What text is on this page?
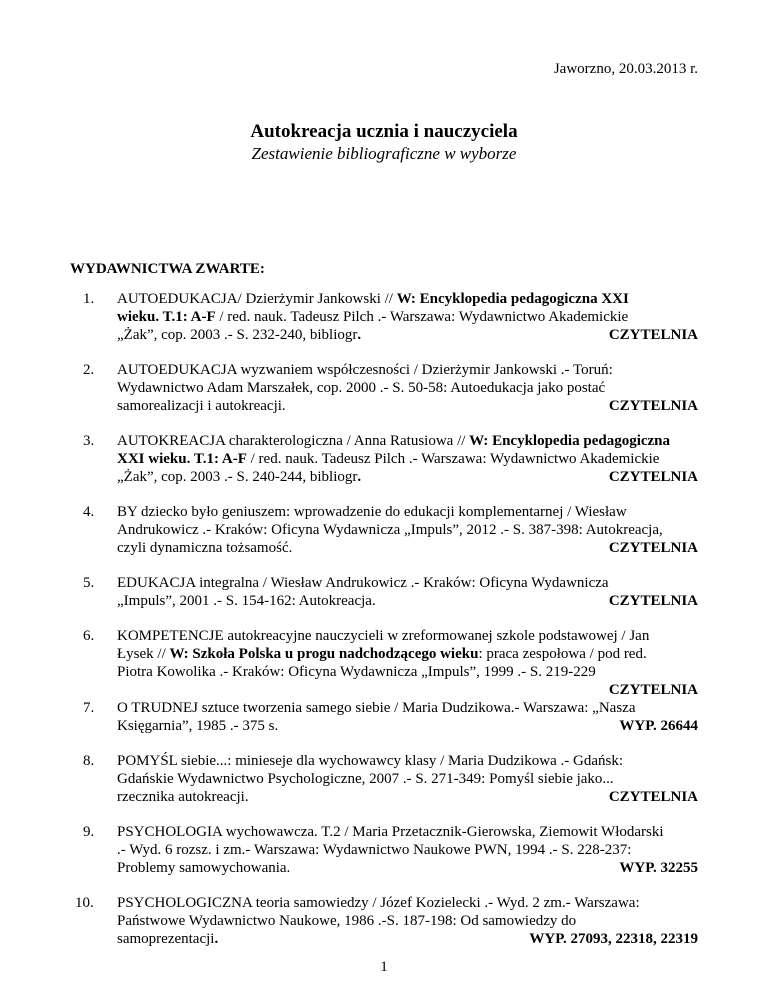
Jaworzno, 20.03.2013 r.
Autokreacja ucznia i nauczyciela
Zestawienie bibliograficzne w wyborze
WYDAWNICTWA ZWARTE:
1.	AUTOEDUKACJA/ Dzierżymir Jankowski // W: Encyklopedia pedagogiczna XXI
wieku. T.1: A-F / red. nauk. Tadeusz Pilch .- Warszawa: Wydawnictwo Akademickie
„Żak”, cop. 2003 .- S. 232-240, bibliogr.	CZYTELNIA
2.	AUTOEDUKACJA wyzwaniem współczesności / Dzierżymir Jankowski .- Toruń:
Wydawnictwo Adam Marszałek, cop. 2000 .- S. 50-58: Autoedukacja jako postać
samorealizacji i autokreacji.	CZYTELNIA
3.	AUTOKREACJA charakterologiczna / Anna Ratusiowa // W: Encyklopedia pedagogiczna
XXI wieku. T.1: A-F / red. nauk. Tadeusz Pilch .- Warszawa: Wydawnictwo Akademickie
„Żak”, cop. 2003 .- S. 240-244, bibliogr.	CZYTELNIA
4.	BY dziecko było geniuszem: wprowadzenie do edukacji komplementarnej / Wiesław
Andrukowicz .- Kraków: Oficyna Wydawnicza „Impuls”, 2012 .- S. 387-398: Autokreacja,
czyli dynamiczna tożsamość.	CZYTELNIA
5.	EDUKACJA integralna / Wiesław Andrukowicz .- Kraków: Oficyna Wydawnicza
„Impuls”, 2001 .- S. 154-162: Autokreacja.	CZYTELNIA
6.	KOMPETENCJE autokreacyjne nauczycieli w zreformowanej szkole podstawowej / Jan
Łysek // W: Szkoła Polska u progu nadchodzącego wieku: praca zespołowa / pod red.
Piotra Kowolika .- Kraków: Oficyna Wydawnicza „Impuls”, 1999 .- S. 219-229
CZYTELNIA
7.	O TRUDNEJ sztuce tworzenia samego siebie / Maria Dudzikowa.- Warszawa: „Nasza
Księgarnia”, 1985 .- 375 s.	WYP. 26644
8.	POMYŚL siebie...: minieseje dla wychowawcy klasy / Maria Dudzikowa .- Gdańsk:
Gdańskie Wydawnictwo Psychologiczne, 2007 .- S. 271-349: Pomyśl siebie jako...
rzecznika autokreacji.	CZYTELNIA
9.	PSYCHOLOGIA wychowawcza. T.2 / Maria Przetacznik-Gierowska, Ziemowit Włodarski
.- Wyd. 6 rozsz. i zm.- Warszawa: Wydawnictwo Naukowe PWN, 1994 .- S. 228-237:
Problemy samowychowania.	WYP. 32255
10.	PSYCHOLOGICZNA teoria samowiedzy / Józef Kozielecki .- Wyd. 2 zm.- Warszawa:
Państwowe Wydawnictwo Naukowe, 1986 .-S. 187-198: Od samowiedzy do
samoprezentacji.	WYP. 27093, 22318, 22319
1
